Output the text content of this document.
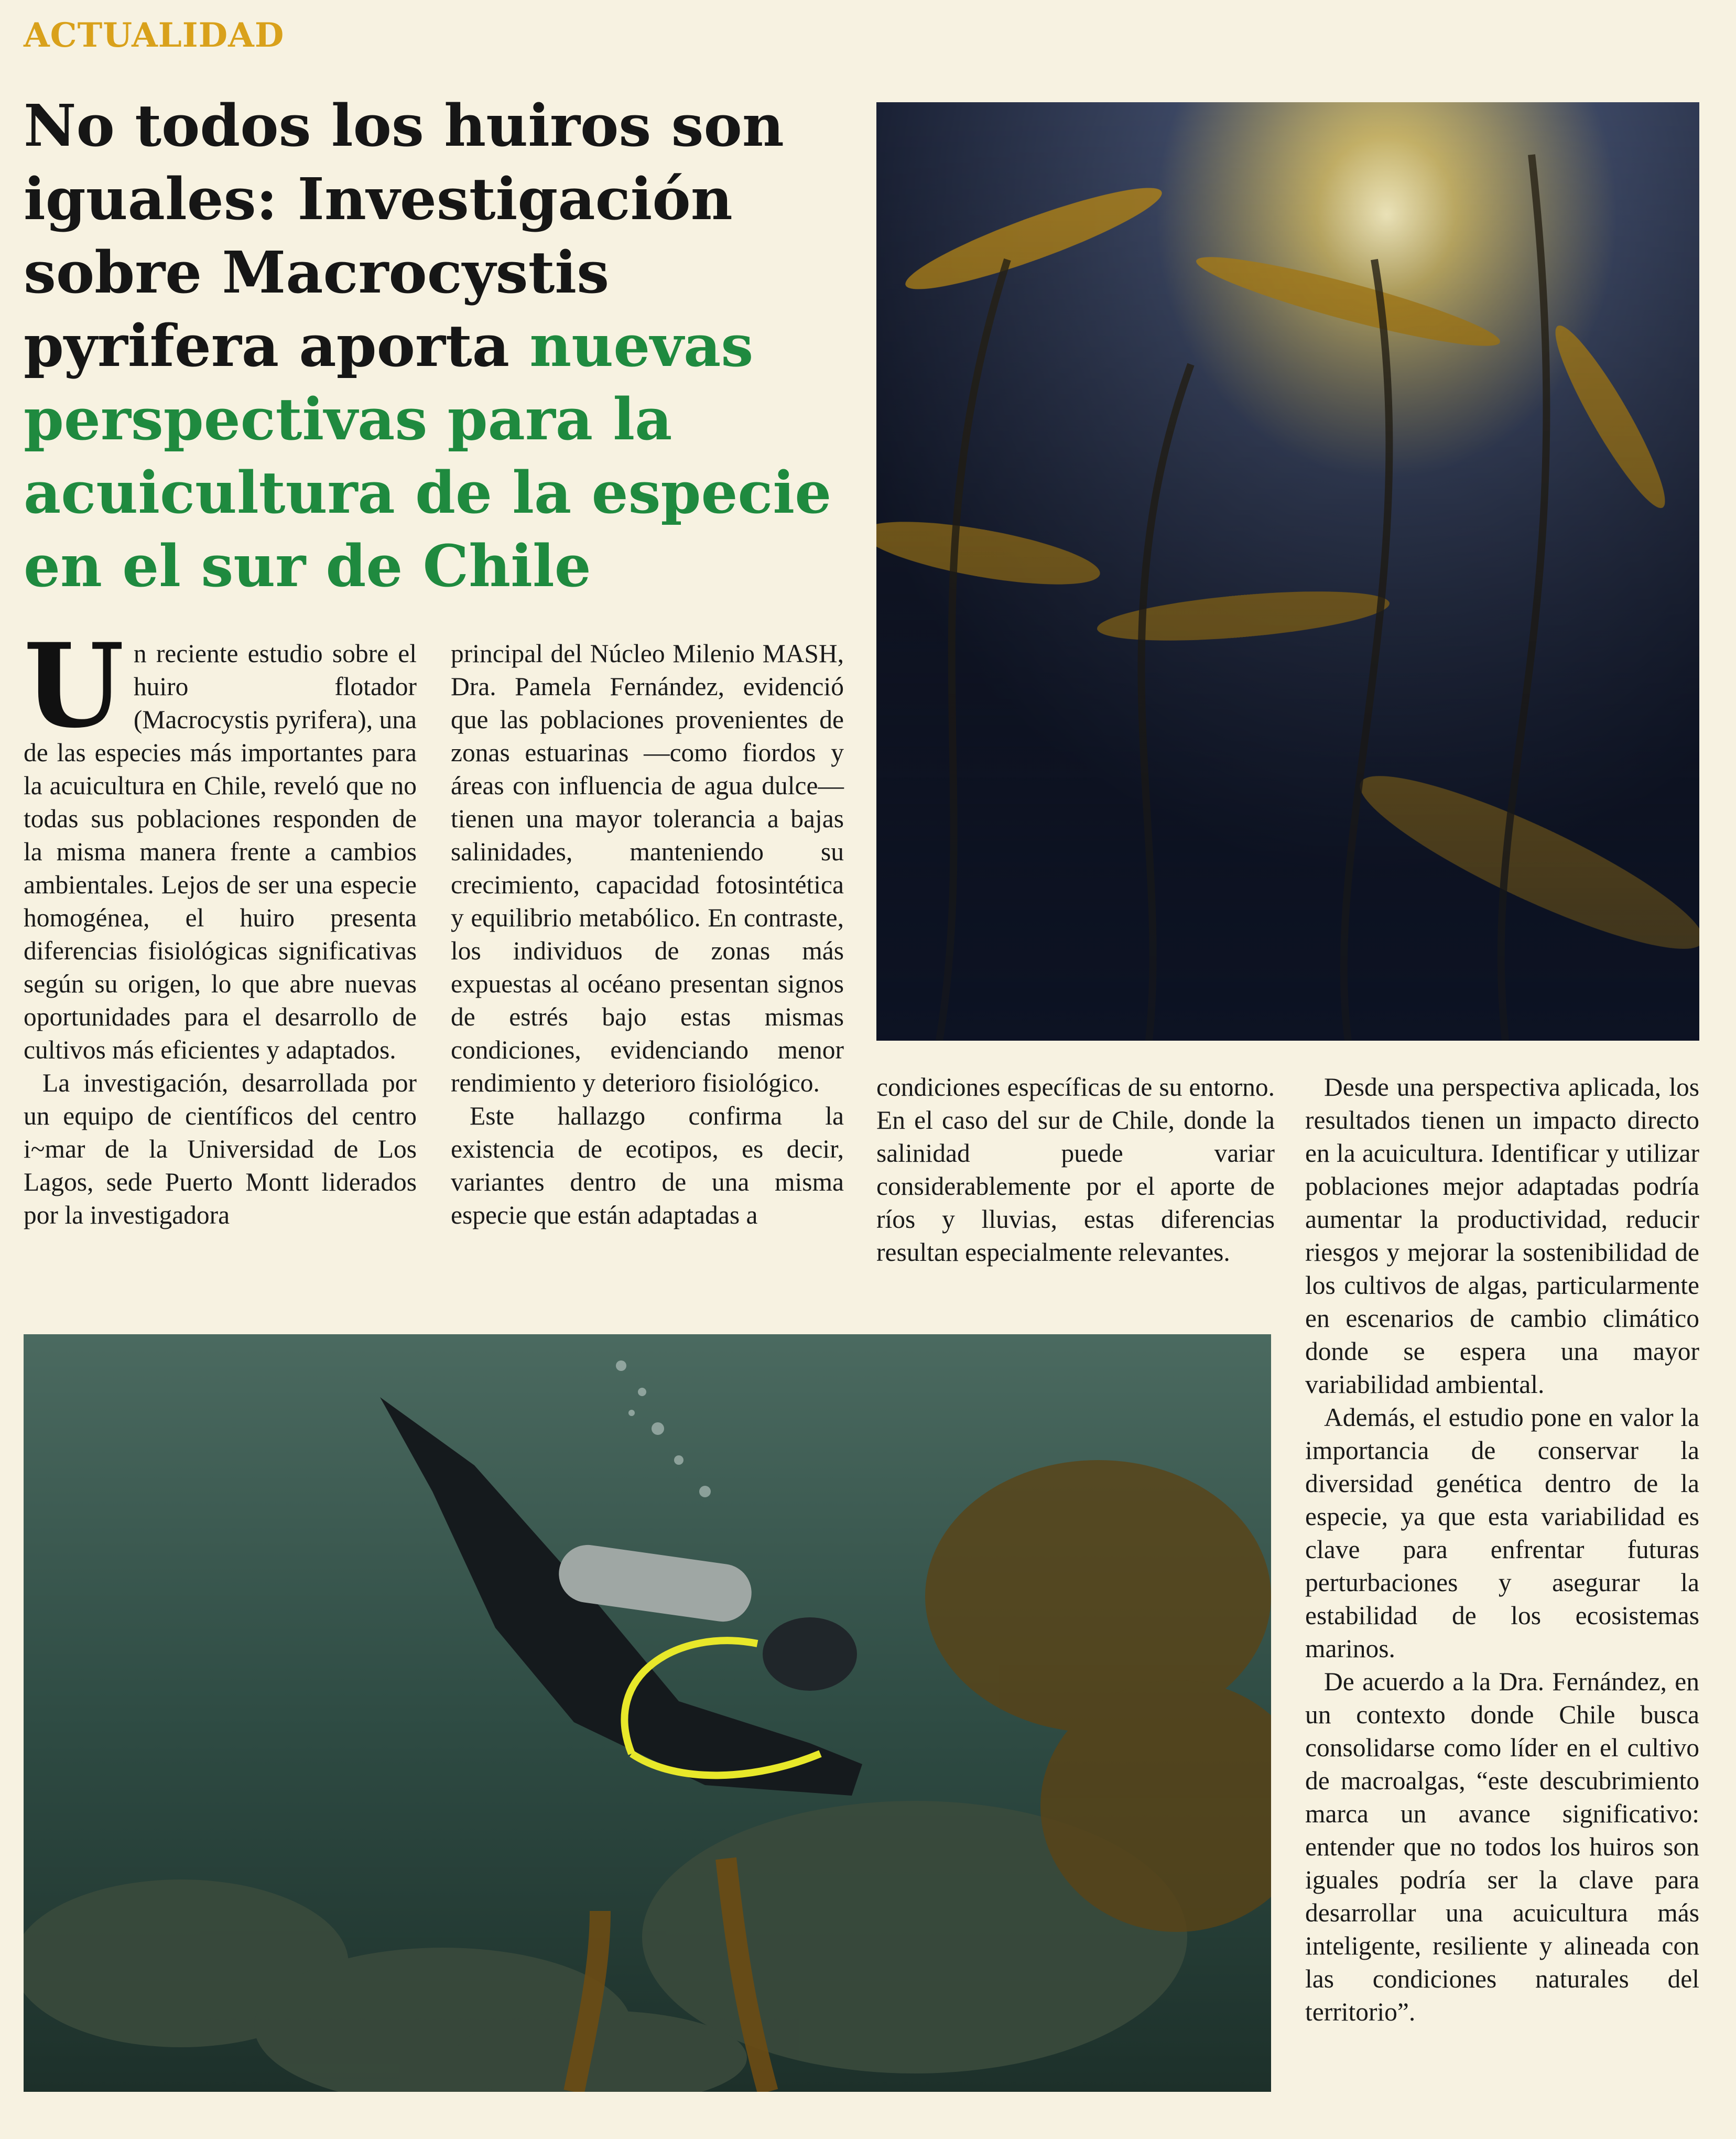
ACTUALIDAD
No todos los huiros son iguales: Investigación sobre Macrocystis pyrifera aporta nuevas perspectivas para la acuicultura de la especie en el sur de Chile

Un reciente estudio sobre el huiro flotador (Macrocystis pyrifera), una de las especies más importantes para la acuicultura en Chile, reveló que no todas sus poblaciones responden de la misma manera frente a cambios ambientales. Lejos de ser una especie homogénea, el huiro presenta diferencias fisiológicas significativas según su origen, lo que abre nuevas oportunidades para el desarrollo de cultivos más eficientes y adaptados.

La investigación, desarrollada por un equipo de científicos del centro i~mar de la Universidad de Los Lagos, sede Puerto Montt liderados por la investigadora

principal del Núcleo Milenio MASH, Dra. Pamela Fernández, evidenció que las poblaciones provenientes de zonas estuarinas —como fiordos y áreas con influencia de agua dulce— tienen una mayor tolerancia a bajas salinidades, manteniendo su crecimiento, capacidad fotosintética y equilibrio metabólico. En contraste, los individuos de zonas más expuestas al océano presentan signos de estrés bajo estas mismas condiciones, evidenciando menor rendimiento y deterioro fisiológico.

Este hallazgo confirma la existencia de ecotipos, es decir, variantes dentro de una misma especie que están adaptadas a

condiciones específicas de su entorno. En el caso del sur de Chile, donde la salinidad puede variar considerablemente por el aporte de ríos y lluvias, estas diferencias resultan especialmente relevantes.

Desde una perspectiva aplicada, los resultados tienen un impacto directo en la acuicultura. Identificar y utilizar poblaciones mejor adaptadas podría aumentar la productividad, reducir riesgos y mejorar la sostenibilidad de los cultivos de algas, particularmente en escenarios de cambio climático donde se espera una mayor variabilidad ambiental.

Además, el estudio pone en valor la importancia de conservar la diversidad genética dentro de la especie, ya que esta variabilidad es clave para enfrentar futuras perturbaciones y asegurar la estabilidad de los ecosistemas marinos.

De acuerdo a la Dra. Fernández, en un contexto donde Chile busca consolidarse como líder en el cultivo de macroalgas, “este descubrimiento marca un avance significativo: entender que no todos los huiros son iguales podría ser la clave para desarrollar una acuicultura más inteligente, resiliente y alineada con las condiciones naturales del territorio”.
